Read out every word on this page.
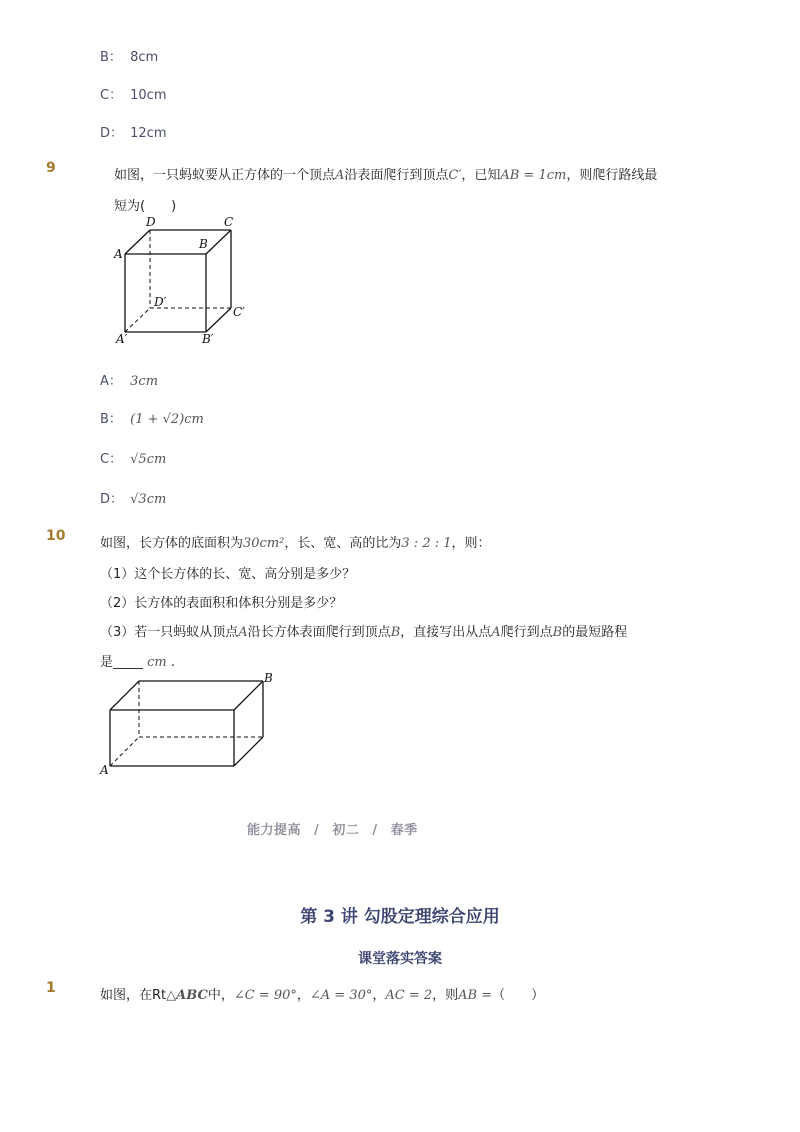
B： 8cm
C： 10cm
D： 12cm
9	如图，一只蚂蚁要从正方体的一个顶点A沿表面爬行到顶点C′，已知AB = 1cm，则爬行路线最
短为(　　)
D	C
A
B
D′
C′
A′	B′
A： 3cm
B： (1 + √2)cm
C： √5cm
D： √3cm
10	如图，长方体的底面积为30cm²，长、宽、高的比为3 : 2 : 1，则：
（1）这个长方体的长、宽、高分别是多少？
（2）长方体的表面积和体积分别是多少？
（3）若一只蚂蚁从顶点A沿长方体表面爬行到顶点B，直接写出从点A爬行到点B的最短路程
是	cm .
A
B
能力提高 / 初二 / 春季
第 3 讲 勾股定理综合应用
课堂落实答案
1	如图，在Rt△ABC中，∠C = 90°，∠A = 30°，AC = 2，则AB =（　　）
